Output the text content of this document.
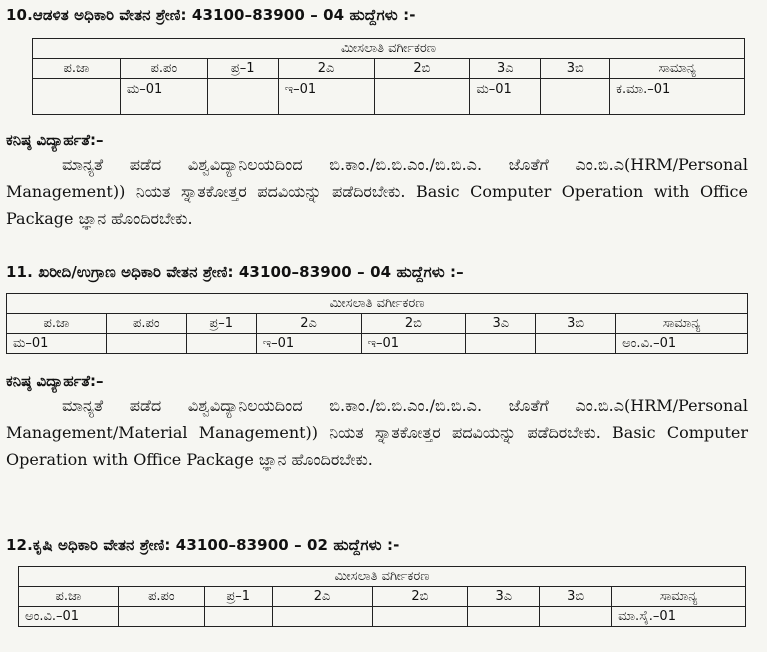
10.ಆಡಳಿತ ಅಧಿಕಾರಿ ವೇತನ ಶ್ರೇಣಿ: 43100–83900 – 04 ಹುದ್ದೆಗಳು :-
ಮೀಸಲಾತಿ ವರ್ಗೀಕರಣ							
ಪ.ಜಾ	ಪ.ಪಂ	ಪ್ರ–1	2ಎ	2ಬಿ	3ಎ	3ಬಿ	ಸಾಮಾನ್ಯ
	ಮ–01		ಇ–01		ಮ–01		ಕ.ಮಾ.–01
ಕನಿಷ್ಠ ವಿದ್ಯಾರ್ಹತೆ:–
ಮಾನ್ಯತೆ ಪಡೆದ ವಿಶ್ವವಿದ್ಯಾನಿಲಯದಿಂದ ಬಿ.ಕಾಂ./ಬಿ.ಬಿ.ಎಂ./ಬಿ.ಬಿ.ಎ. ಜೊತೆಗೆ ಎಂ.ಬಿ.ಎ(HRM/Personal Management)) ನಿಯತ ಸ್ನಾತಕೋತ್ತರ ಪದವಿಯನ್ನು ಪಡೆದಿರಬೇಕು. Basic Computer Operation with Office Package ಜ್ಞಾನ ಹೊಂದಿರಬೇಕು.
11. ಖರೀದಿ/ಉಗ್ರಾಣ ಅಧಿಕಾರಿ ವೇತನ ಶ್ರೇಣಿ: 43100–83900 – 04 ಹುದ್ದೆಗಳು :–
ಮೀಸಲಾತಿ ವರ್ಗೀಕರಣ							
ಪ.ಜಾ	ಪ.ಪಂ	ಪ್ರ–1	2ಎ	2ಬಿ	3ಎ	3ಬಿ	ಸಾಮಾನ್ಯ
ಮ–01			ಇ–01	ಇ–01			ಅಂ.ವಿ.–01
ಕನಿಷ್ಠ ವಿದ್ಯಾರ್ಹತೆ:–
ಮಾನ್ಯತೆ ಪಡೆದ ವಿಶ್ವವಿದ್ಯಾನಿಲಯದಿಂದ ಬಿ.ಕಾಂ./ಬಿ.ಬಿ.ಎಂ./ಬಿ.ಬಿ.ಎ. ಜೊತೆಗೆ ಎಂ.ಬಿ.ಎ(HRM/Personal Management/Material Management)) ನಿಯತ ಸ್ನಾತಕೋತ್ತರ ಪದವಿಯನ್ನು ಪಡೆದಿರಬೇಕು. Basic Computer Operation with Office Package ಜ್ಞಾನ ಹೊಂದಿರಬೇಕು.
12.ಕೃಷಿ ಅಧಿಕಾರಿ ವೇತನ ಶ್ರೇಣಿ: 43100–83900 – 02 ಹುದ್ದೆಗಳು :-
ಮೀಸಲಾತಿ ವರ್ಗೀಕರಣ							
ಪ.ಜಾ	ಪ.ಪಂ	ಪ್ರ–1	2ಎ	2ಬಿ	3ಎ	3ಬಿ	ಸಾಮಾನ್ಯ
ಅಂ.ವಿ.–01							ಮಾ.ಸೈ.–01
